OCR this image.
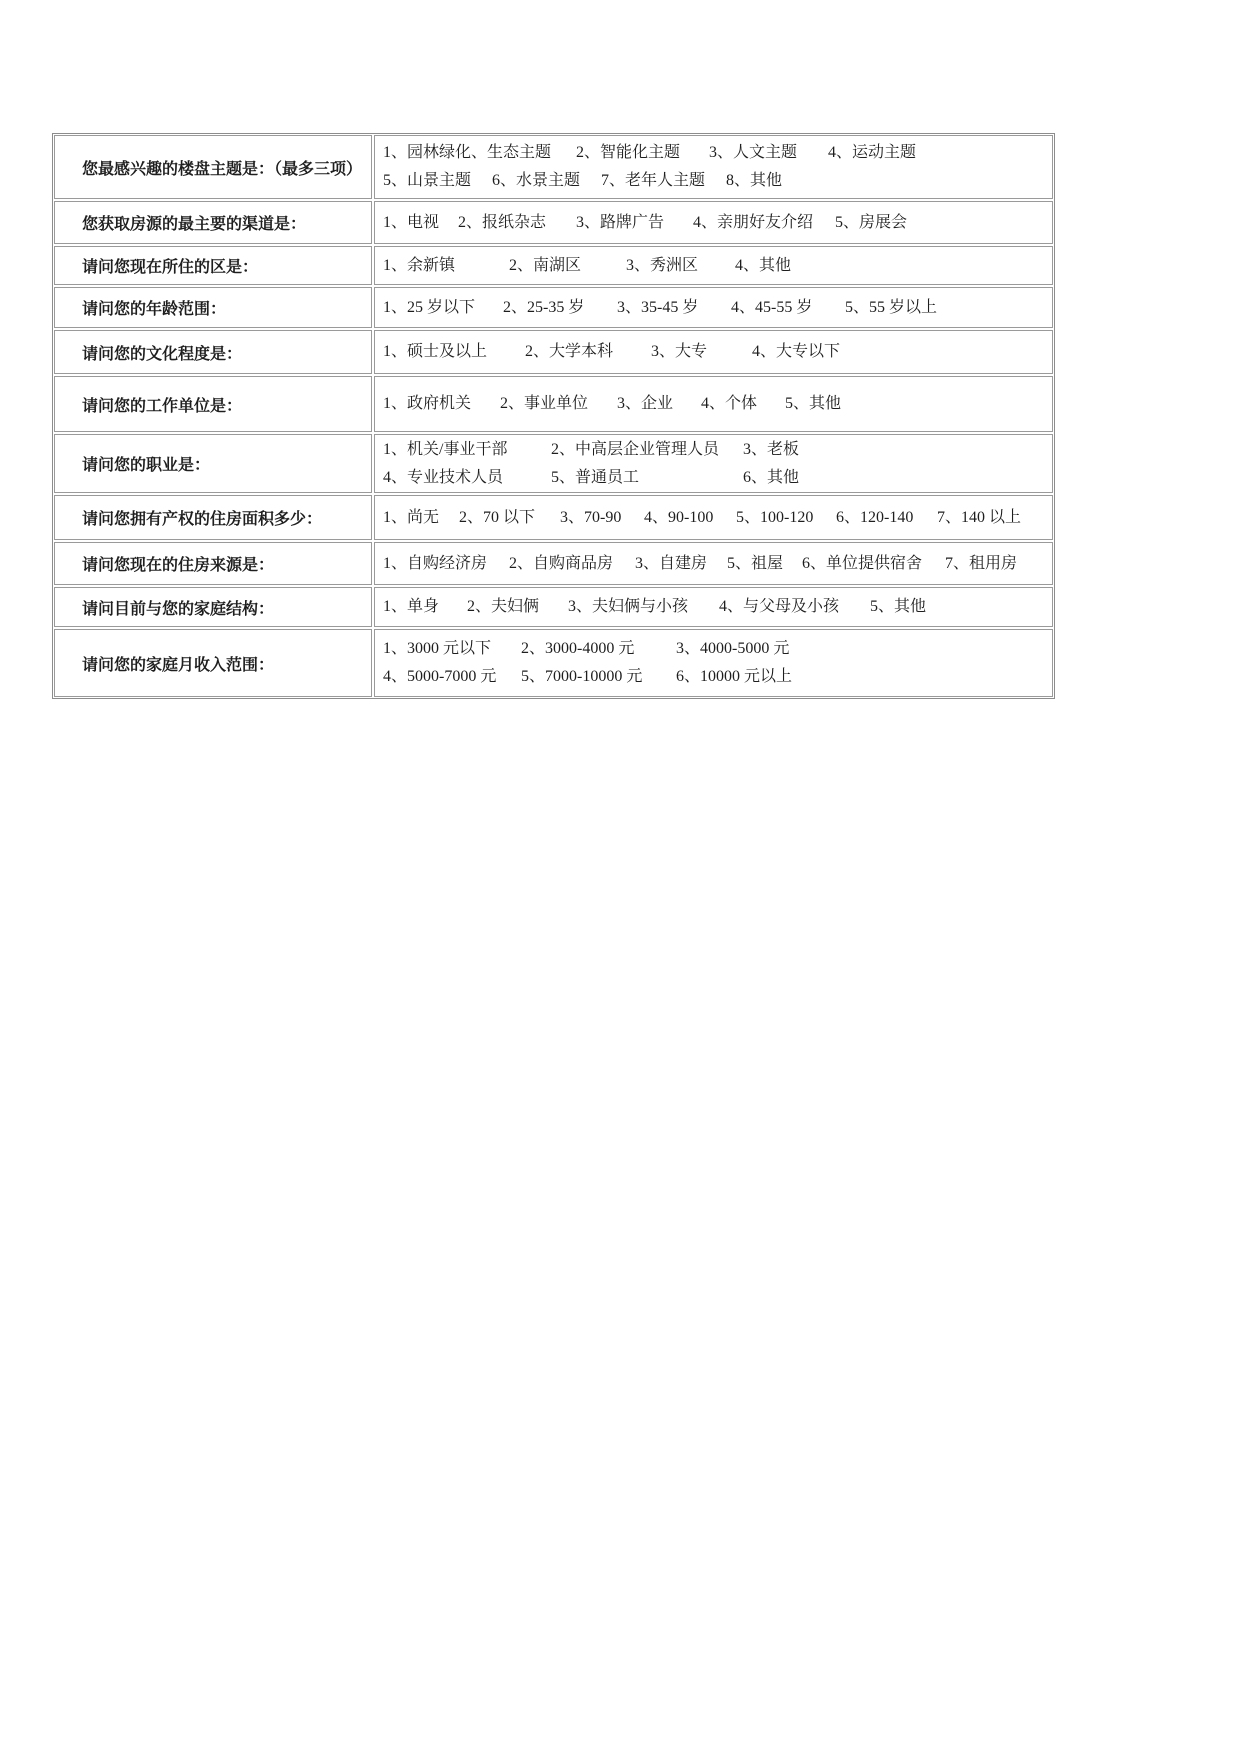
您最感兴趣的楼盘主题是：（最多三项）
1、园林绿化、生态主题 2、智能化主题 3、人文主题 4、运动主题
5、山景主题 6、水景主题 7、老年人主题 8、其他
您获取房源的最主要的渠道是：	1、电视 2、报纸杂志 3、路牌广告 4、亲朋好友介绍 5、房展会
请问您现在所住的区是：	1、余新镇	2、南湖区	3、秀洲区 4、其他
请问您的年龄范围：	1、25 岁以下 2、25-35 岁 3、35-45 岁 4、45-55 岁 5、55 岁以上
请问您的文化程度是：	1、硕士及以上 2、大学本科 3、大专	4、大专以下
请问您的工作单位是：	1、政府机关 2、事业单位 3、企业 4、个体 5、其他
请问您的职业是：
1、机关/事业干部	2、中高层企业管理人员 3、老板
4、专业技术人员	5、普通员工	6、其他
请问您拥有产权的住房面积多少：	1、尚无 2、70 以下 3、70-90 4、90-100 5、100-120 6、120-140 7、140 以上
请问您现在的住房来源是：	1、自购经济房 2、自购商品房 3、自建房 5、祖屋 6、单位提供宿舍 7、租用房
请问目前与您的家庭结构：	1、单身 2、夫妇俩 3、夫妇俩与小孩 4、与父母及小孩 5、其他
请问您的家庭月收入范围：
1、3000 元以下 2、3000-4000 元	3、4000-5000 元
4、5000-7000 元 5、7000-10000 元 6、10000 元以上
